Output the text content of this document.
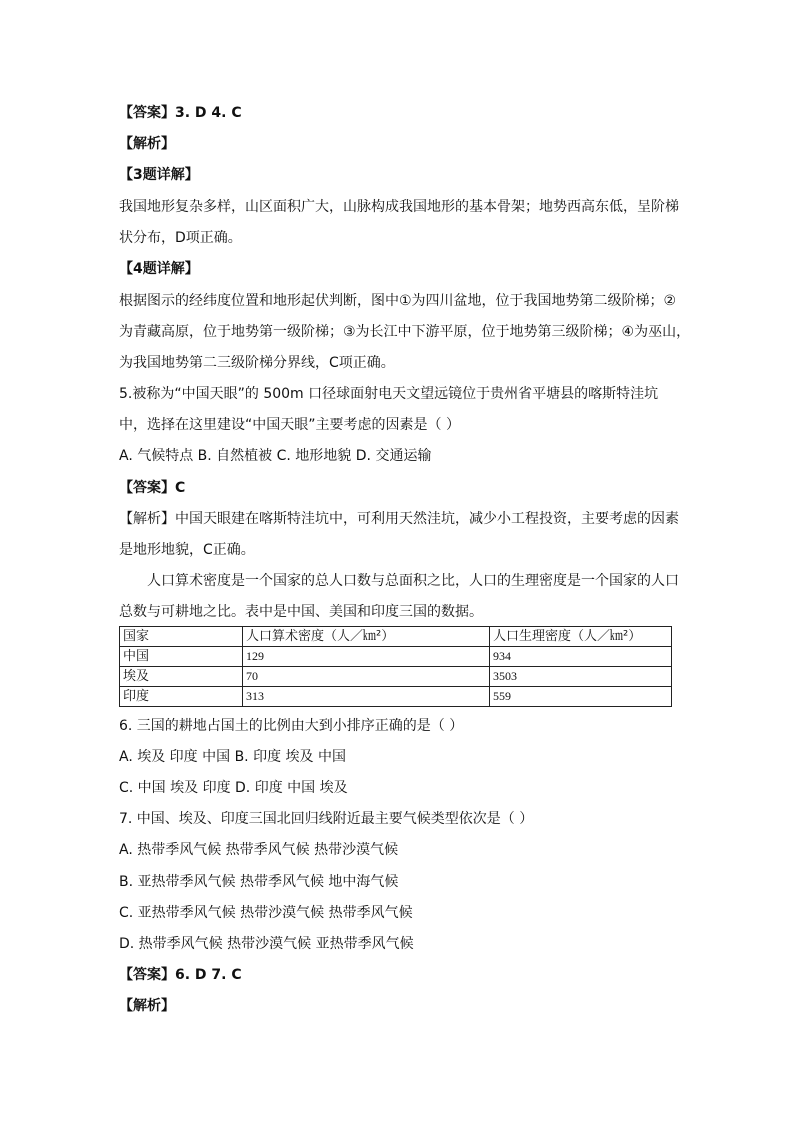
【答案】3. D 4. C
【解析】
【3题详解】
我国地形复杂多样，山区面积广大，山脉构成我国地形的基本骨架；地势西高东低，呈阶梯
状分布，D项正确。
【4题详解】
根据图示的经纬度位置和地形起伏判断，图中①为四川盆地，位于我国地势第二级阶梯；②
为青藏高原，位于地势第一级阶梯；③为长江中下游平原，位于地势第三级阶梯；④为巫山，
为我国地势第二三级阶梯分界线，C项正确。
5.被称为“中国天眼”的 500m 口径球面射电天文望远镜位于贵州省平塘县的喀斯特洼坑
中，选择在这里建设“中国天眼”主要考虑的因素是（ ）
A. 气候特点 B. 自然植被 C. 地形地貌 D. 交通运输
【答案】C
【解析】中国天眼建在喀斯特洼坑中，可利用天然洼坑，减少小工程投资，主要考虑的因素
是地形地貌，C正确。
人口算术密度是一个国家的总人口数与总面积之比，人口的生理密度是一个国家的人口
总数与可耕地之比。表中是中国、美国和印度三国的数据。
国家	人口算术密度（人／㎞²）	人口生理密度（人／㎞²）
中国	129	934
埃及	70	3503
印度	313	559
6. 三国的耕地占国土的比例由大到小排序正确的是（ ）
A. 埃及 印度 中国 B. 印度 埃及 中国
C. 中国 埃及 印度 D. 印度 中国 埃及
7. 中国、埃及、印度三国北回归线附近最主要气候类型依次是（ ）
A. 热带季风气候 热带季风气候 热带沙漠气候
B. 亚热带季风气候 热带季风气候 地中海气候
C. 亚热带季风气候 热带沙漠气候 热带季风气候
D. 热带季风气候 热带沙漠气候 亚热带季风气候
【答案】6. D 7. C
【解析】
